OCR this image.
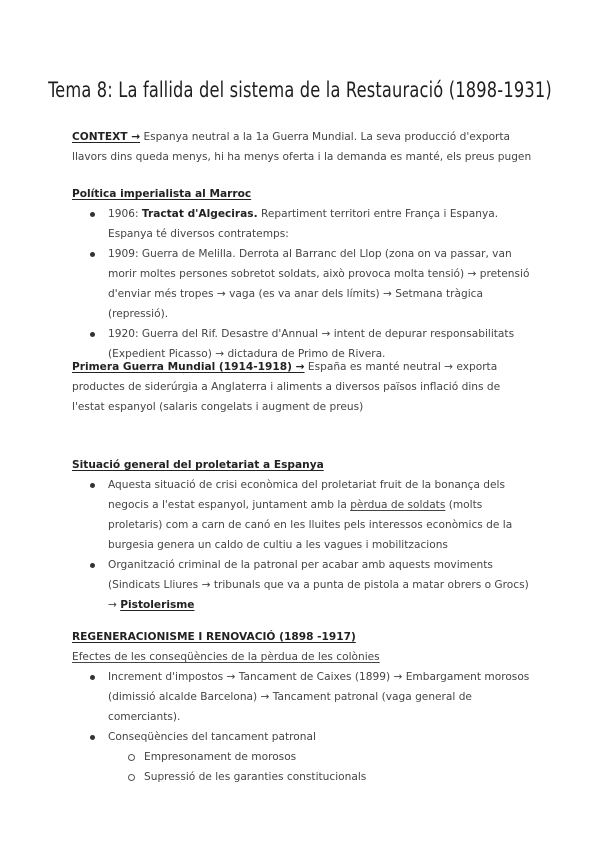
Tema 8: La fallida del sistema de la Restauració (1898-1931)
CONTEXT → Espanya neutral a la 1a Guerra Mundial. La seva producció d'exporta llavors dins queda menys, hi ha menys oferta i la demanda es manté, els preus pugen
Política imperialista al Marroc
1906: Tractat d'Algeciras. Repartiment territori entre França i Espanya. Espanya té diversos contratemps:
1909: Guerra de Melilla. Derrota al Barranc del Llop (zona on va passar, van morir moltes persones sobretot soldats, això provoca molta tensió) → pretensió d'enviar més tropes → vaga (es va anar dels límits) → Setmana tràgica (repressió).
1920: Guerra del Rif. Desastre d'Annual → intent de depurar responsabilitats (Expedient Picasso) → dictadura de Primo de Rivera.
Primera Guerra Mundial (1914-1918) → España es manté neutral → exporta productes de siderúrgia a Anglaterra i aliments a diversos països inflació dins de l'estat espanyol (salaris congelats i augment de preus)
Situació general del proletariat a Espanya
Aquesta situació de crisi econòmica del proletariat fruit de la bonança dels negocis a l'estat espanyol, juntament amb la pèrdua de soldats (molts proletaris) com a carn de canó en les lluites pels interessos econòmics de la burgesia genera un caldo de cultiu a les vagues i mobilitzacions
Organització criminal de la patronal per acabar amb aquests moviments (Sindicats Lliures → tribunals que va a punta de pistola a matar obrers o Grocs) → Pistolerisme
REGENERACIONISME I RENOVACIÓ (1898 -1917)
Efectes de les conseqüències de la pèrdua de les colònies
Increment d'impostos → Tancament de Caixes (1899) → Embargament morosos (dimissió alcalde Barcelona) → Tancament patronal (vaga general de comerciants).
Conseqüències del tancament patronal
Empresonament de morosos
Supressió de les garanties constitucionals
